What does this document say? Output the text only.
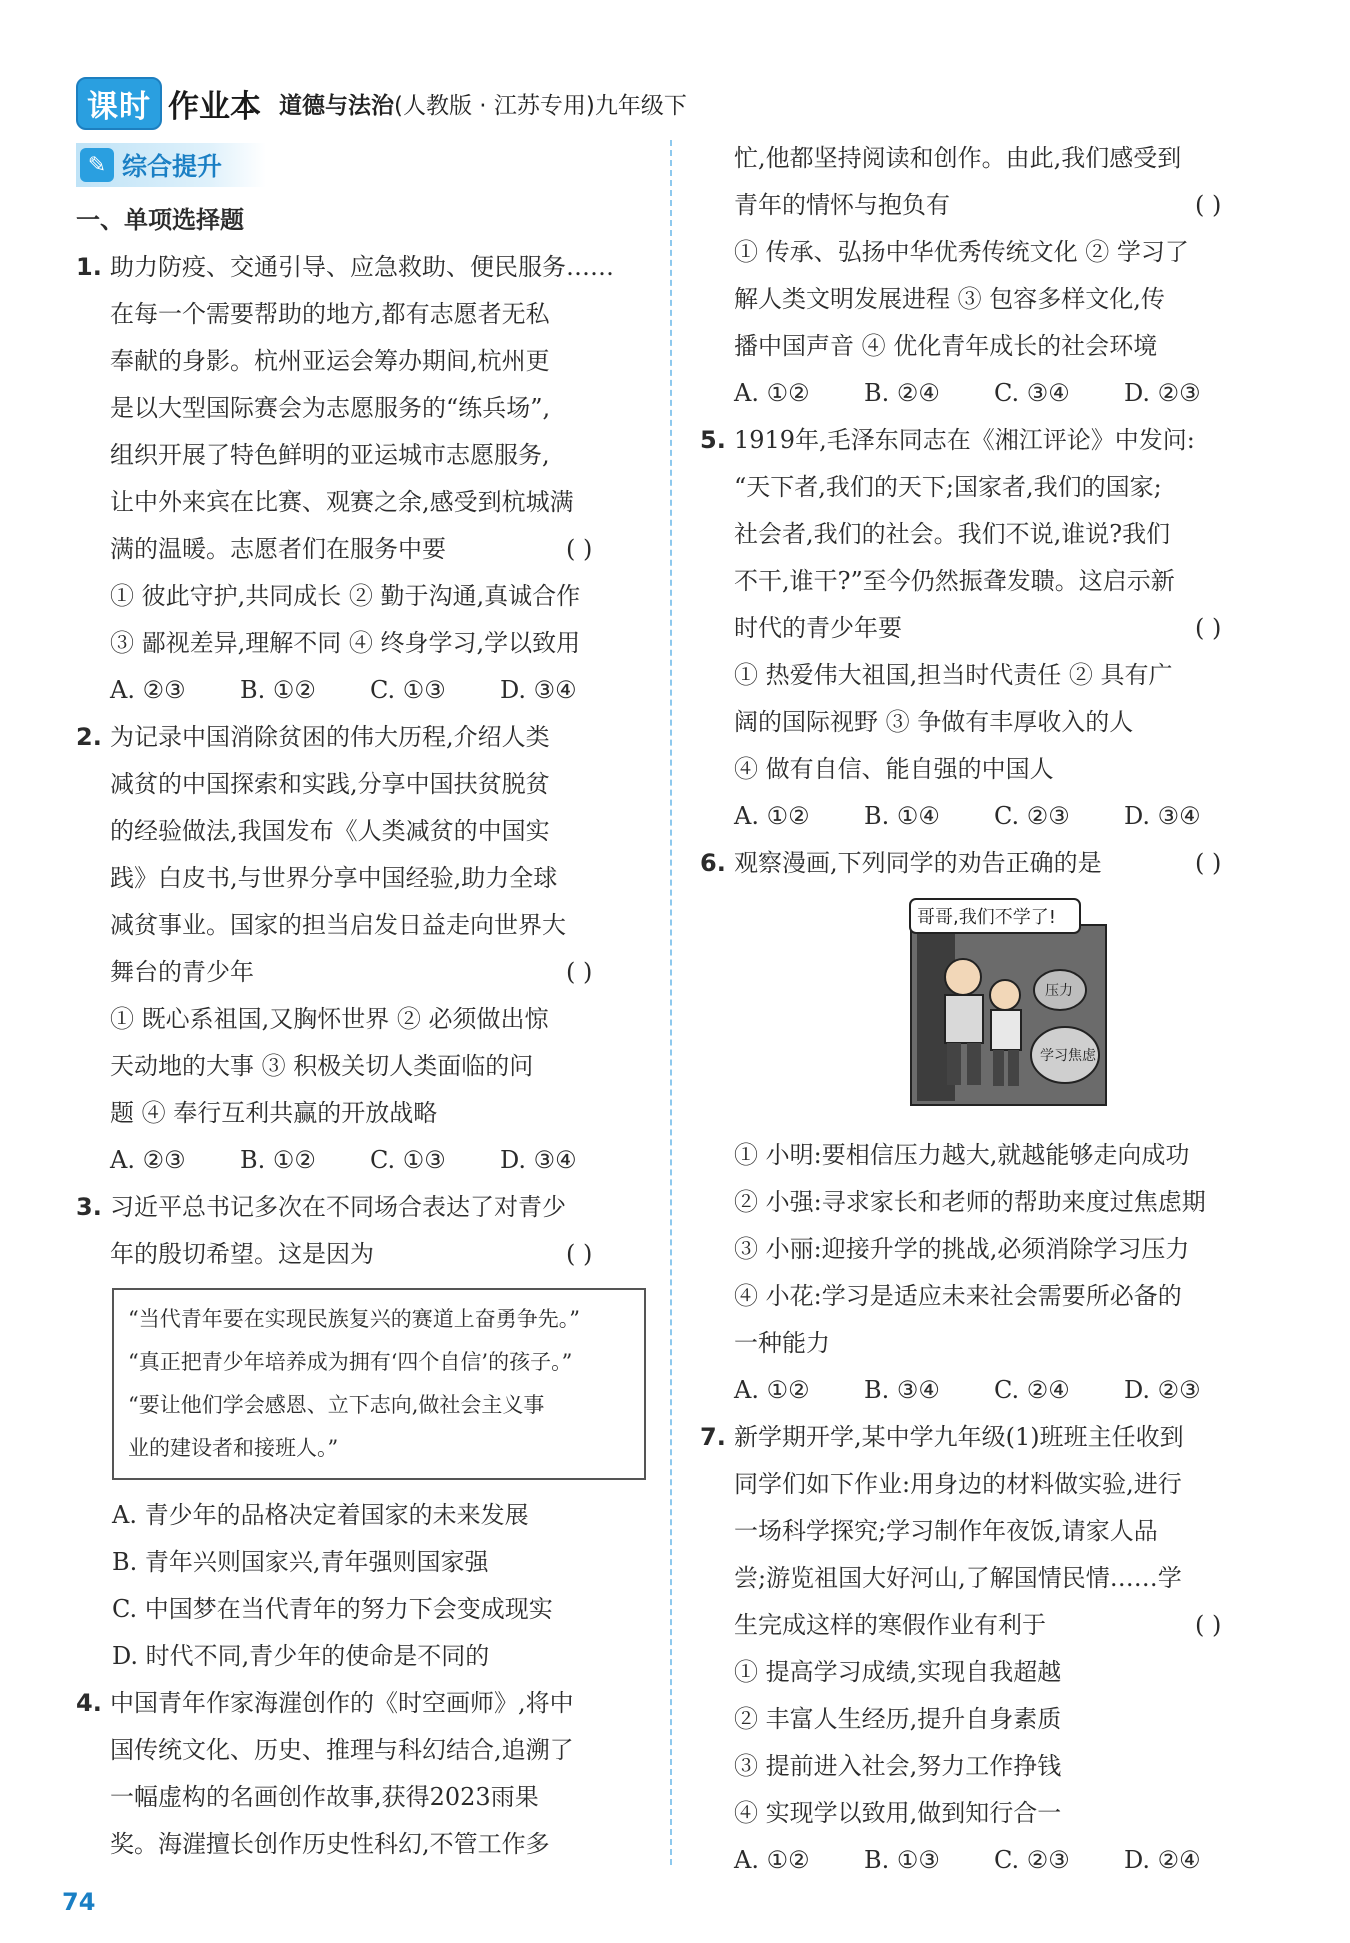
课时 作业本 道德与法治(人教版 · 江苏专用)九年级下
✎ 综合提升
一、单项选择题
1. 助力防疫、交通引导、应急救助、便民服务……
在每一个需要帮助的地方,都有志愿者无私
奉献的身影。杭州亚运会筹办期间,杭州更
是以大型国际赛会为志愿服务的“练兵场”,
组织开展了特色鲜明的亚运城市志愿服务,
让中外来宾在比赛、观赛之余,感受到杭城满
满的温暖。志愿者们在服务中要	( )
① 彼此守护,共同成长 ② 勤于沟通,真诚合作
③ 鄙视差异,理解不同 ④ 终身学习,学以致用
A. ②③	B. ①②	C. ①③	D. ③④
2. 为记录中国消除贫困的伟大历程,介绍人类
减贫的中国探索和实践,分享中国扶贫脱贫
的经验做法,我国发布《人类减贫的中国实
践》白皮书,与世界分享中国经验,助力全球
减贫事业。国家的担当启发日益走向世界大
舞台的青少年	( )
① 既心系祖国,又胸怀世界 ② 必须做出惊
天动地的大事 ③ 积极关切人类面临的问
题 ④ 奉行互利共赢的开放战略
A. ②③	B. ①②	C. ①③	D. ③④
3. 习近平总书记多次在不同场合表达了对青少
年的殷切希望。这是因为	( )
“当代青年要在实现民族复兴的赛道上奋勇争先。”
“真正把青少年培养成为拥有‘四个自信’的孩子。”
“要让他们学会感恩、立下志向,做社会主义事
业的建设者和接班人。”
A. 青少年的品格决定着国家的未来发展
B. 青年兴则国家兴,青年强则国家强
C. 中国梦在当代青年的努力下会变成现实
D. 时代不同,青少年的使命是不同的
4. 中国青年作家海漄创作的《时空画师》,将中
国传统文化、历史、推理与科幻结合,追溯了
一幅虚构的名画创作故事,获得2023雨果
奖。海漄擅长创作历史性科幻,不管工作多
忙,他都坚持阅读和创作。由此,我们感受到
青年的情怀与抱负有	( )
① 传承、弘扬中华优秀传统文化 ② 学习了
解人类文明发展进程 ③ 包容多样文化,传
播中国声音 ④ 优化青年成长的社会环境
A. ①②	B. ②④	C. ③④	D. ②③
5. 1919年,毛泽东同志在《湘江评论》中发问:
“天下者,我们的天下;国家者,我们的国家;
社会者,我们的社会。我们不说,谁说?我们
不干,谁干?”至今仍然振聋发聩。这启示新
时代的青少年要	( )
① 热爱伟大祖国,担当时代责任 ② 具有广
阔的国际视野 ③ 争做有丰厚收入的人
④ 做有自信、能自强的中国人
A. ①②	B. ①④	C. ②③	D. ③④
6. 观察漫画,下列同学的劝告正确的是	( )
哥哥,我们不学了!
压力
学习焦虑
① 小明:要相信压力越大,就越能够走向成功
② 小强:寻求家长和老师的帮助来度过焦虑期
③ 小丽:迎接升学的挑战,必须消除学习压力
④ 小花:学习是适应未来社会需要所必备的
一种能力
A. ①②	B. ③④	C. ②④	D. ②③
7. 新学期开学,某中学九年级(1)班班主任收到
同学们如下作业:用身边的材料做实验,进行
一场科学探究;学习制作年夜饭,请家人品
尝;游览祖国大好河山,了解国情民情……学
生完成这样的寒假作业有利于	( )
① 提高学习成绩,实现自我超越
② 丰富人生经历,提升自身素质
③ 提前进入社会,努力工作挣钱
④ 实现学以致用,做到知行合一
A. ①②	B. ①③	C. ②③	D. ②④
74
